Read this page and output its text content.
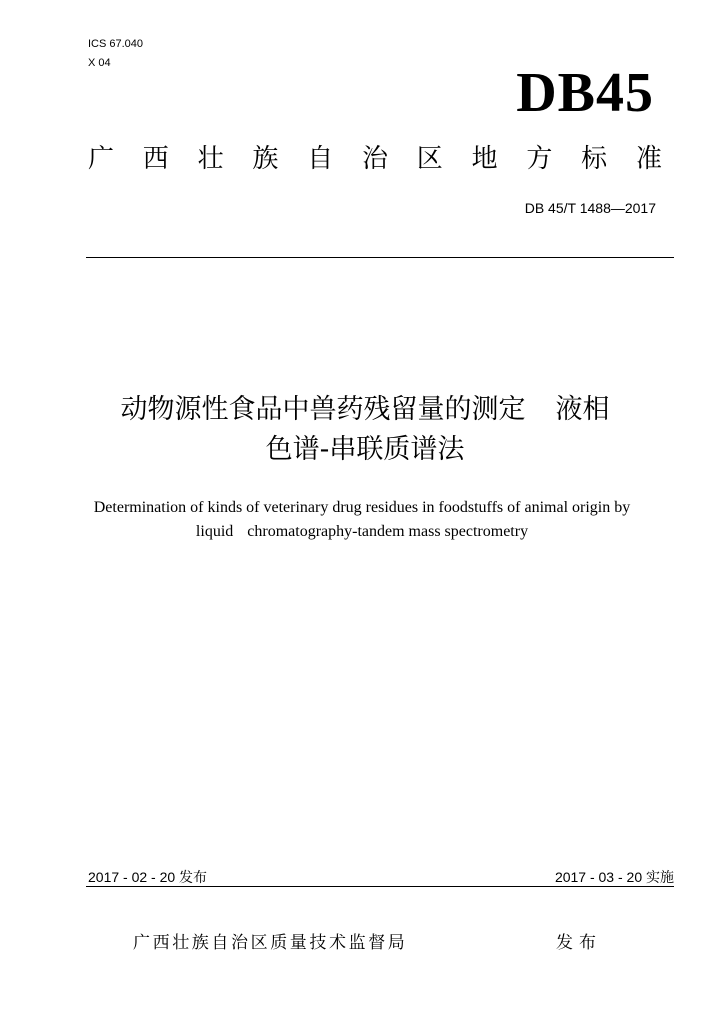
ICS 67.040
X 04	DB45
广 西 壮 族 自 治 区 地 方 标 准
DB 45/T 1488—2017
动物源性食品中兽药残留量的测定 液相
色谱-串联质谱法
Determination of kinds of veterinary drug residues in foodstuffs of animal origin by
liquid chromatography-tandem mass spectrometry
2017 - 02 - 20 发布	2017 - 03 - 20 实施
广西壮族自治区质量技术监督局	发布
